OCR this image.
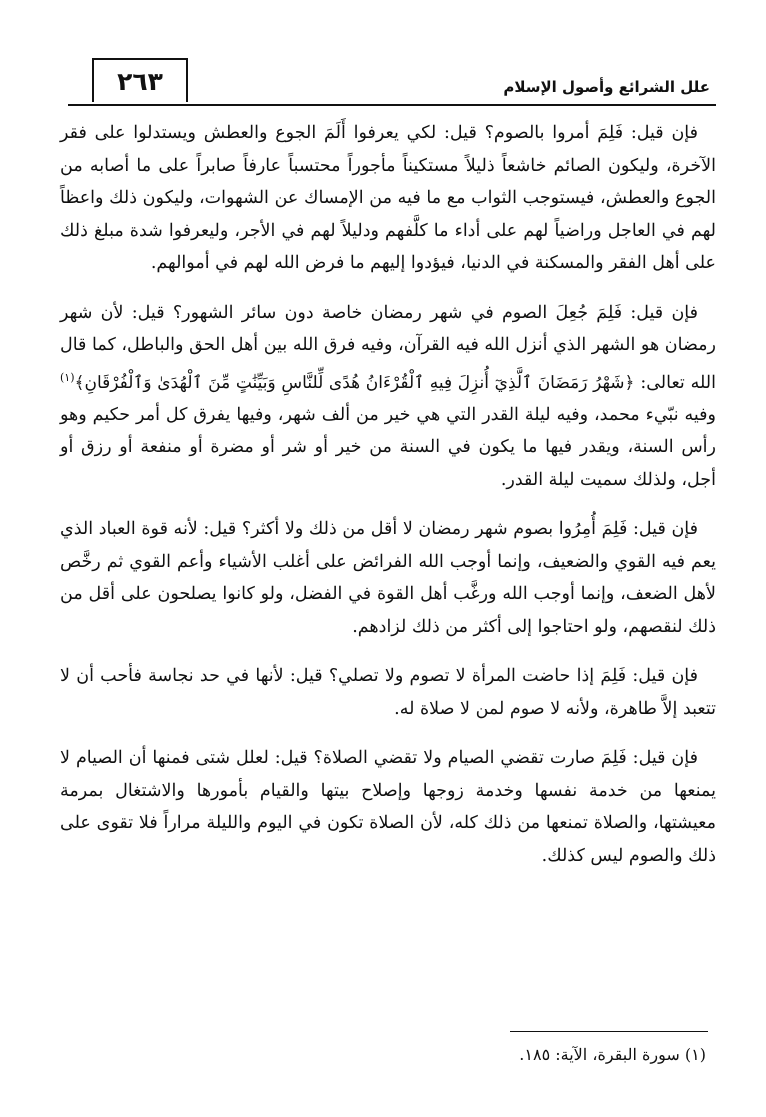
٢٦٣	علل الشرائع وأصول الإسلام

فإن قيل: فَلِمَ أمروا بالصوم؟ قيل: لكي يعرفوا أَلَمَ الجوع والعطش ويستدلوا على فقر الآخرة، وليكون الصائم خاشعاً ذليلاً مستكيناً مأجوراً محتسباً عارفاً صابراً على ما أصابه من الجوع والعطش، فيستوجب الثواب مع ما فيه من الإمساك عن الشهوات، وليكون ذلك واعظاً لهم في العاجل وراضياً لهم على أداء ما كلَّفهم ودليلاً لهم في الأجر، وليعرفوا شدة مبلغ ذلك على أهل الفقر والمسكنة في الدنيا، فيؤدوا إليهم ما فرض الله لهم في أموالهم.

فإن قيل: فَلِمَ جُعِلَ الصوم في شهر رمضان خاصة دون سائر الشهور؟ قيل: لأن شهر رمضان هو الشهر الذي أنزل الله فيه القرآن، وفيه فرق الله بين أهل الحق والباطل، كما قال الله تعالى: ﴿شَهْرُ رَمَضَانَ ٱلَّذِيٓ أُنزِلَ فِيهِ ٱلْقُرْءَانُ هُدًى لِّلنَّاسِ وَبَيِّنَٰتٍ مِّنَ ٱلْهُدَىٰ وَٱلْفُرْقَانِ﴾$^{(١)}$ وفيه نبّيء محمد، وفيه ليلة القدر التي هي خير من ألف شهر، وفيها يفرق كل أمر حكيم وهو رأس السنة، ويقدر فيها ما يكون في السنة من خير أو شر أو مضرة أو منفعة أو رزق أو أجل، ولذلك سميت ليلة القدر.

فإن قيل: فَلِمَ أُمِرُوا بصوم شهر رمضان لا أقل من ذلك ولا أكثر؟ قيل: لأنه قوة العباد الذي يعم فيه القوي والضعيف، وإنما أوجب الله الفرائض على أغلب الأشياء وأعم القوي ثم رخَّص لأهل الضعف، وإنما أوجب الله ورغَّب أهل القوة في الفضل، ولو كانوا يصلحون على أقل من ذلك لنقصهم، ولو احتاجوا إلى أكثر من ذلك لزادهم.

فإن قيل: فَلِمَ إذا حاضت المرأة لا تصوم ولا تصلي؟ قيل: لأنها في حد نجاسة فأحب أن لا تتعبد إلاَّ طاهرة، ولأنه لا صوم لمن لا صلاة له.

فإن قيل: فَلِمَ صارت تقضي الصيام ولا تقضي الصلاة؟ قيل: لعلل شتى فمنها أن الصيام لا يمنعها من خدمة نفسها وخدمة زوجها وإصلاح بيتها والقيام بأمورها والاشتغال بمرمة معيشتها، والصلاة تمنعها من ذلك كله، لأن الصلاة تكون في اليوم والليلة مراراً فلا تقوى على ذلك والصوم ليس كذلك.

(١) سورة البقرة، الآية: ١٨٥.
